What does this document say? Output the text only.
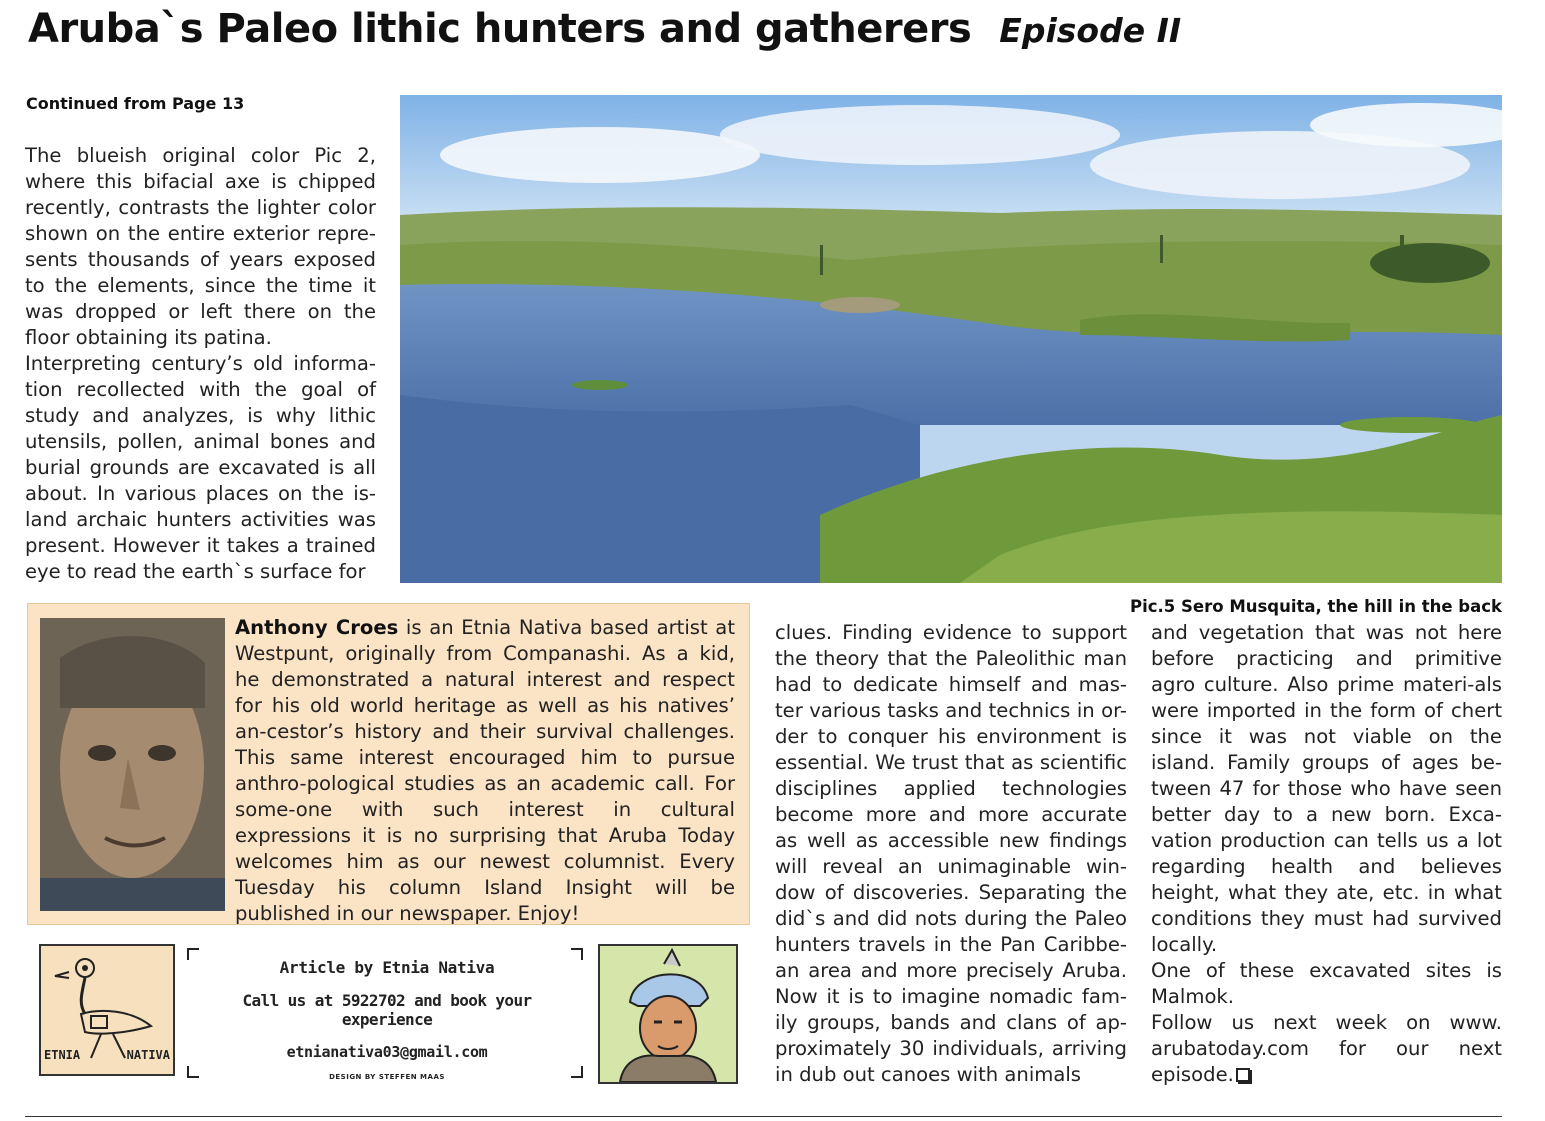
Aruba`s Paleo lithic hunters and gatherers Episode II
Continued from Page 13

The blueish original color Pic 2, where this bifacial axe is chipped recently, contrasts the lighter color shown on the entire exterior repre-sents thousands of years exposed to the elements, since the time it was dropped or left there on the floor obtaining its patina.

Interpreting century’s old informa-tion recollected with the goal of study and analyzes, is why lithic utensils, pollen, animal bones and burial grounds are excavated is all about. In various places on the is-land archaic hunters activities was present. However it takes a trained eye to read the earth`s surface for

Pic.5 Sero Musquita, the hill in the back
Anthony Croes is an Etnia Nativa based artist at Westpunt, originally from Companashi. As a kid, he demonstrated a natural interest and respect for his old world heritage as well as his natives’ an-cestor’s history and their survival challenges. This same interest encouraged him to pursue anthro-pological studies as an academic call. For some-one with such interest in cultural expressions it is no surprising that Aruba Today welcomes him as our newest columnist. Every Tuesday his column Island Insight will be published in our newspaper. Enjoy!
ETNIA	NATIVA
Article by Etnia Nativa
Call us at 5922702 and book your experience
etnianativa03@gmail.com
DESIGN BY STEFFEN MAAS

clues. Finding evidence to support the theory that the Paleolithic man had to dedicate himself and mas-ter various tasks and technics in or-der to conquer his environment is essential. We trust that as scientific disciplines applied technologies become more and more accurate as well as accessible new findings will reveal an unimaginable win-dow of discoveries. Separating the did`s and did nots during the Paleo hunters travels in the Pan Caribbe-an area and more precisely Aruba. Now it is to imagine nomadic fam-ily groups, bands and clans of ap-proximately 30 individuals, arriving in dub out canoes with animals

and vegetation that was not here before practicing and primitive agro culture. Also prime materi-als were imported in the form of chert since it was not viable on the island. Family groups of ages be-tween 47 for those who have seen better day to a new born. Exca-vation production can tells us a lot regarding health and believes height, what they ate, etc. in what conditions they must had survived locally.

One of these excavated sites is Malmok.

Follow us next week on www. arubatoday.com for our next episode.
